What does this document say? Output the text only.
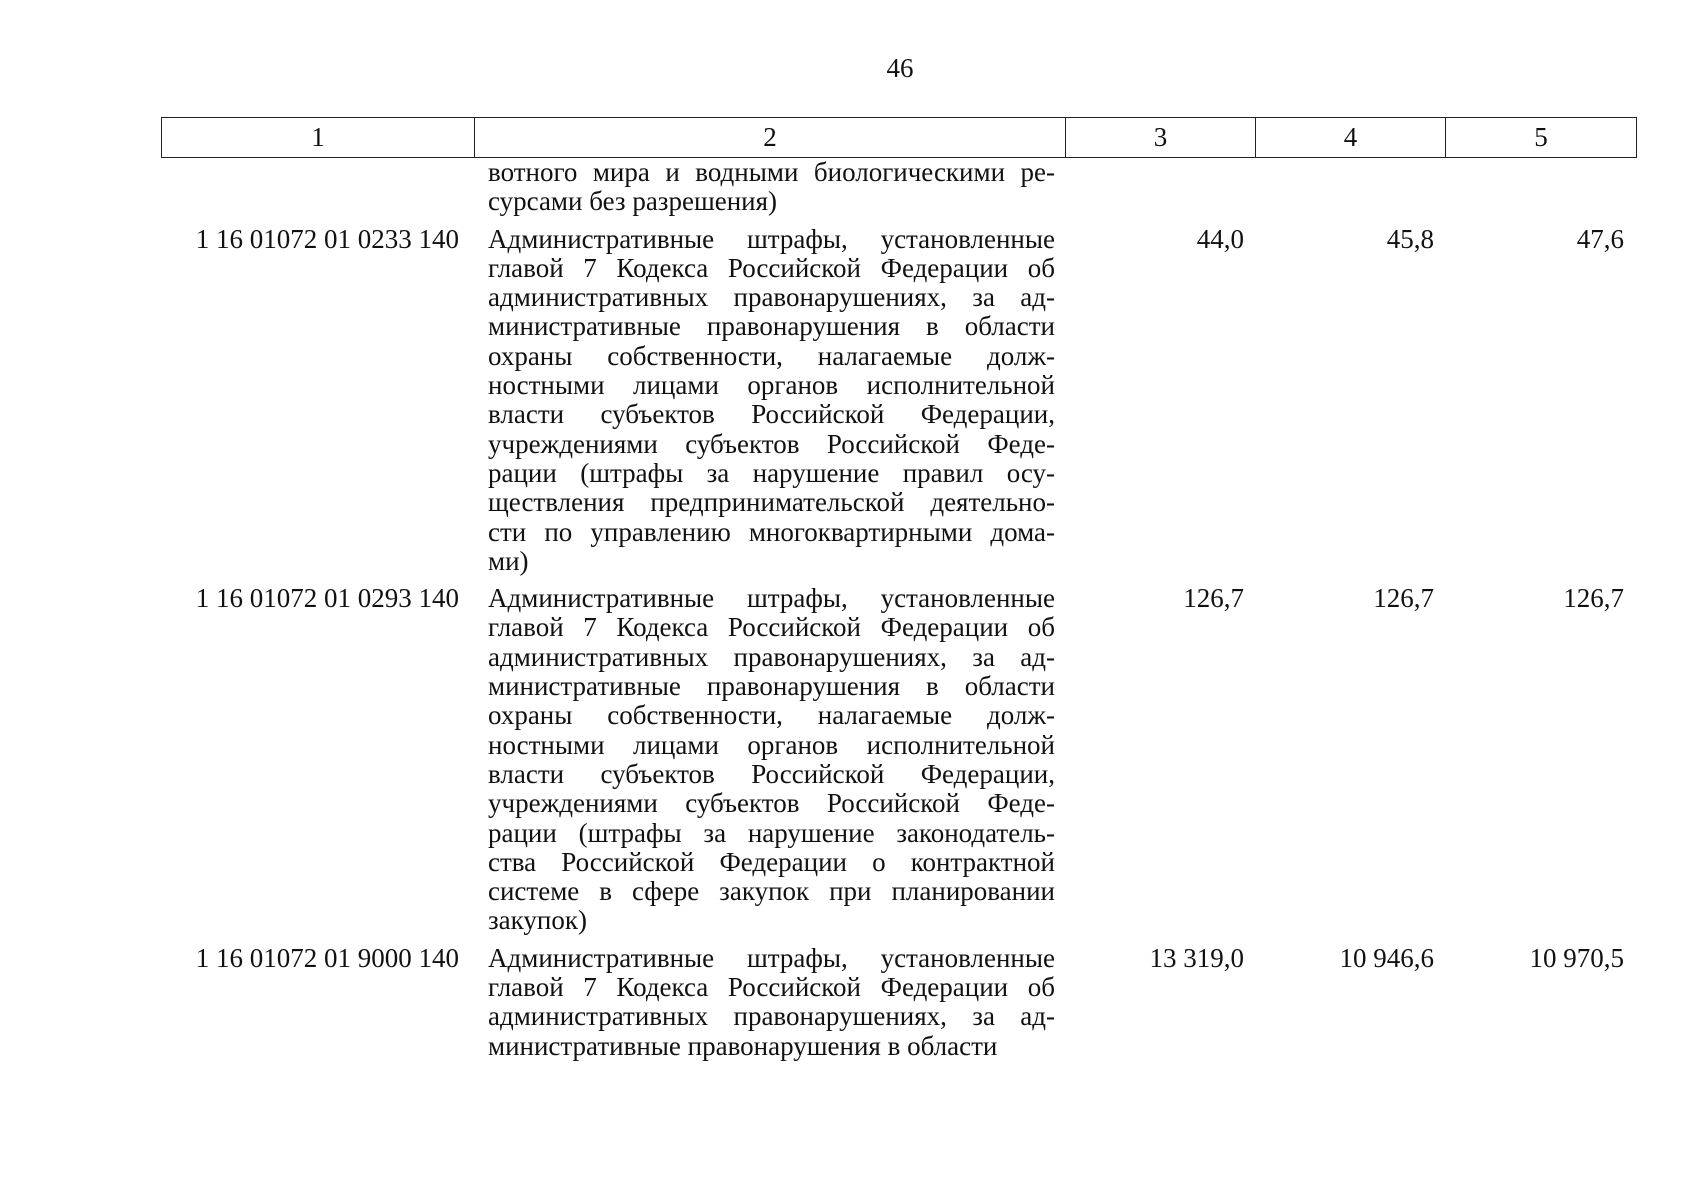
46
1	2	3	4	5
вотного мира и водными биологическими ре-
сурсами без разрешения)
1 16 01072 01 0233 140	Административные штрафы, установленные
главой 7 Кодекса Российской Федерации об
административных правонарушениях, за ад-
министративные правонарушения в области
охраны собственности, налагаемые долж-
ностными лицами органов исполнительной
власти субъектов Российской Федерации,
учреждениями субъектов Российской Феде-
рации (штрафы за нарушение правил осу-
ществления предпринимательской деятельно-
сти по управлению многоквартирными дома-
ми)
44,0	45,8	47,6
1 16 01072 01 0293 140	Административные штрафы, установленные
главой 7 Кодекса Российской Федерации об
административных правонарушениях, за ад-
министративные правонарушения в области
охраны собственности, налагаемые долж-
ностными лицами органов исполнительной
власти субъектов Российской Федерации,
учреждениями субъектов Российской Феде-
рации (штрафы за нарушение законодатель-
ства Российской Федерации о контрактной
системе в сфере закупок при планировании
закупок)
126,7	126,7	126,7
1 16 01072 01 9000 140	Административные штрафы, установленные
главой 7 Кодекса Российской Федерации об
административных правонарушениях, за ад-
министративные правонарушения в области
13 319,0	10 946,6	10 970,5
